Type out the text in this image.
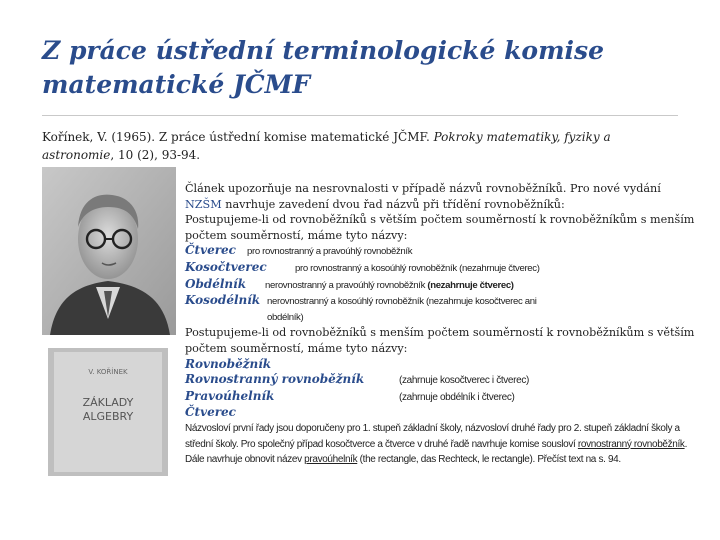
Z práce ústřední terminologické komise
matematické JČMF
Kořínek, V. (1965). Z práce ústřední komise matematické JČMF. Pokroky matematiky, fyziky a astronomie, 10 (2), 93-94.
V. KOŘÍNEK
ZÁKLADY
ALGEBRY

Článek upozorňuje na nesrovnalosti v případě názvů rovnoběžníků. Pro nové vydání NZŠM navrhuje zavedení dvou řad názvů při třídění rovnoběžníků:

Postupujeme-li od rovnoběžníků s větším počtem souměrností k rovnoběžníkům s menším počtem souměrností, máme tyto názvy:

Čtverec	pro rovnostranný a pravoúhlý rovnoběžník
Kosočtverec	pro rovnostranný a kosoúhlý rovnoběžník (nezahrnuje čtverec)
Obdélník	nerovnostranný a pravoúhlý rovnoběžník (nezahrnuje čtverec)
Kosodélník nerovnostranný a kosoúhlý rovnoběžník (nezahrnuje kosočtverec ani
obdélník)

Postupujeme-li od rovnoběžníků s menším počtem souměrností k rovnoběžníkům s větším počtem souměrností, máme tyto názvy:

Rovnoběžník
Rovnostranný rovnoběžník	(zahrnuje kosočtverec i čtverec)
Pravoúhelník	(zahrnuje obdélník i čtverec)
Čtverec

Názvosloví první řady jsou doporučeny pro 1. stupeň základní školy, názvosloví druhé řady pro 2. stupeň základní školy a střední školy. Pro společný případ kosočtverce a čtverce v druhé řadě navrhuje komise sousloví rovnostranný rovnoběžník. Dále navrhuje obnovit název pravoúhelník (the rectangle, das Rechteck, le rectangle). Přečíst text na s. 94.
